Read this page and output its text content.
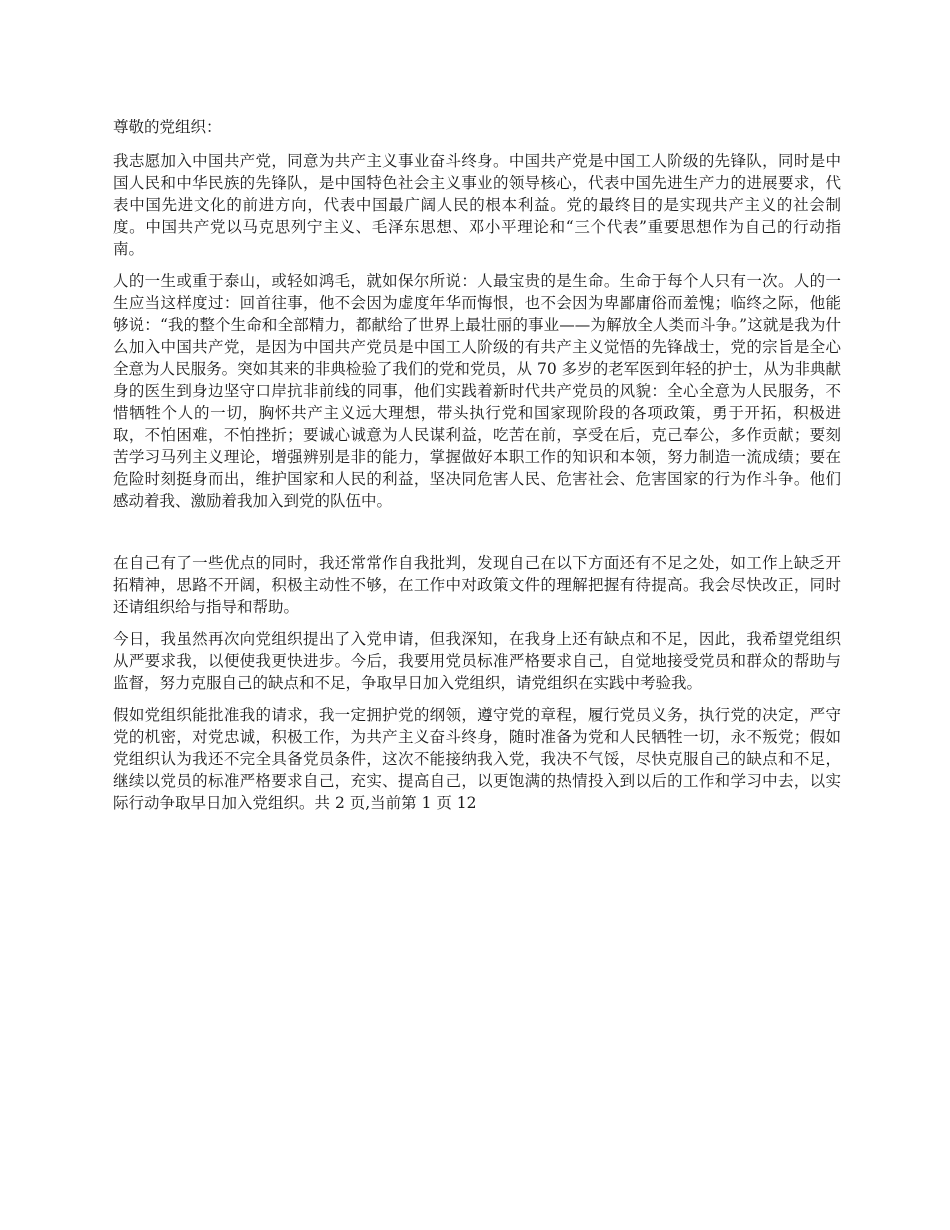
尊敬的党组织：

我志愿加入中国共产党，同意为共产主义事业奋斗终身。中国共产党是中国工人阶级的先锋队，同时是中国人民和中华民族的先锋队，是中国特色社会主义事业的领导核心，代表中国先进生产力的进展要求，代表中国先进文化的前进方向，代表中国最广阔人民的根本利益。党的最终目的是实现共产主义的社会制度。中国共产党以马克思列宁主义、毛泽东思想、邓小平理论和“三个代表”重要思想作为自己的行动指南。

人的一生或重于泰山，或轻如鸿毛，就如保尔所说：人最宝贵的是生命。生命于每个人只有一次。人的一生应当这样度过：回首往事，他不会因为虚度年华而悔恨，也不会因为卑鄙庸俗而羞愧；临终之际，他能够说：“我的整个生命和全部精力，都献给了世界上最壮丽的事业——为解放全人类而斗争。”这就是我为什么加入中国共产党，是因为中国共产党员是中国工人阶级的有共产主义觉悟的先锋战士，党的宗旨是全心全意为人民服务。突如其来的非典检验了我们的党和党员，从 70 多岁的老军医到年轻的护士，从为非典献身的医生到身边坚守口岸抗非前线的同事，他们实践着新时代共产党员的风貌：全心全意为人民服务，不惜牺牲个人的一切，胸怀共产主义远大理想，带头执行党和国家现阶段的各项政策，勇于开拓，积极进取，不怕困难，不怕挫折；要诚心诚意为人民谋利益，吃苦在前，享受在后，克己奉公，多作贡献；要刻苦学习马列主义理论，增强辨别是非的能力，掌握做好本职工作的知识和本领，努力制造一流成绩；要在危险时刻挺身而出，维护国家和人民的利益，坚决同危害人民、危害社会、危害国家的行为作斗争。他们感动着我、激励着我加入到党的队伍中。

在自己有了一些优点的同时，我还常常作自我批判，发现自己在以下方面还有不足之处，如工作上缺乏开拓精神，思路不开阔，积极主动性不够，在工作中对政策文件的理解把握有待提高。我会尽快改正，同时还请组织给与指导和帮助。

今日，我虽然再次向党组织提出了入党申请，但我深知，在我身上还有缺点和不足，因此，我希望党组织从严要求我，以便使我更快进步。今后，我要用党员标准严格要求自己，自觉地接受党员和群众的帮助与监督，努力克服自己的缺点和不足，争取早日加入党组织，请党组织在实践中考验我。

假如党组织能批准我的请求，我一定拥护党的纲领，遵守党的章程，履行党员义务，执行党的决定，严守党的机密，对党忠诚，积极工作，为共产主义奋斗终身，随时准备为党和人民牺牲一切，永不叛党；假如党组织认为我还不完全具备党员条件，这次不能接纳我入党，我决不气馁，尽快克服自己的缺点和不足，继续以党员的标准严格要求自己，充实、提高自己，以更饱满的热情投入到以后的工作和学习中去，以实际行动争取早日加入党组织。共 2 页,当前第 1 页 12
